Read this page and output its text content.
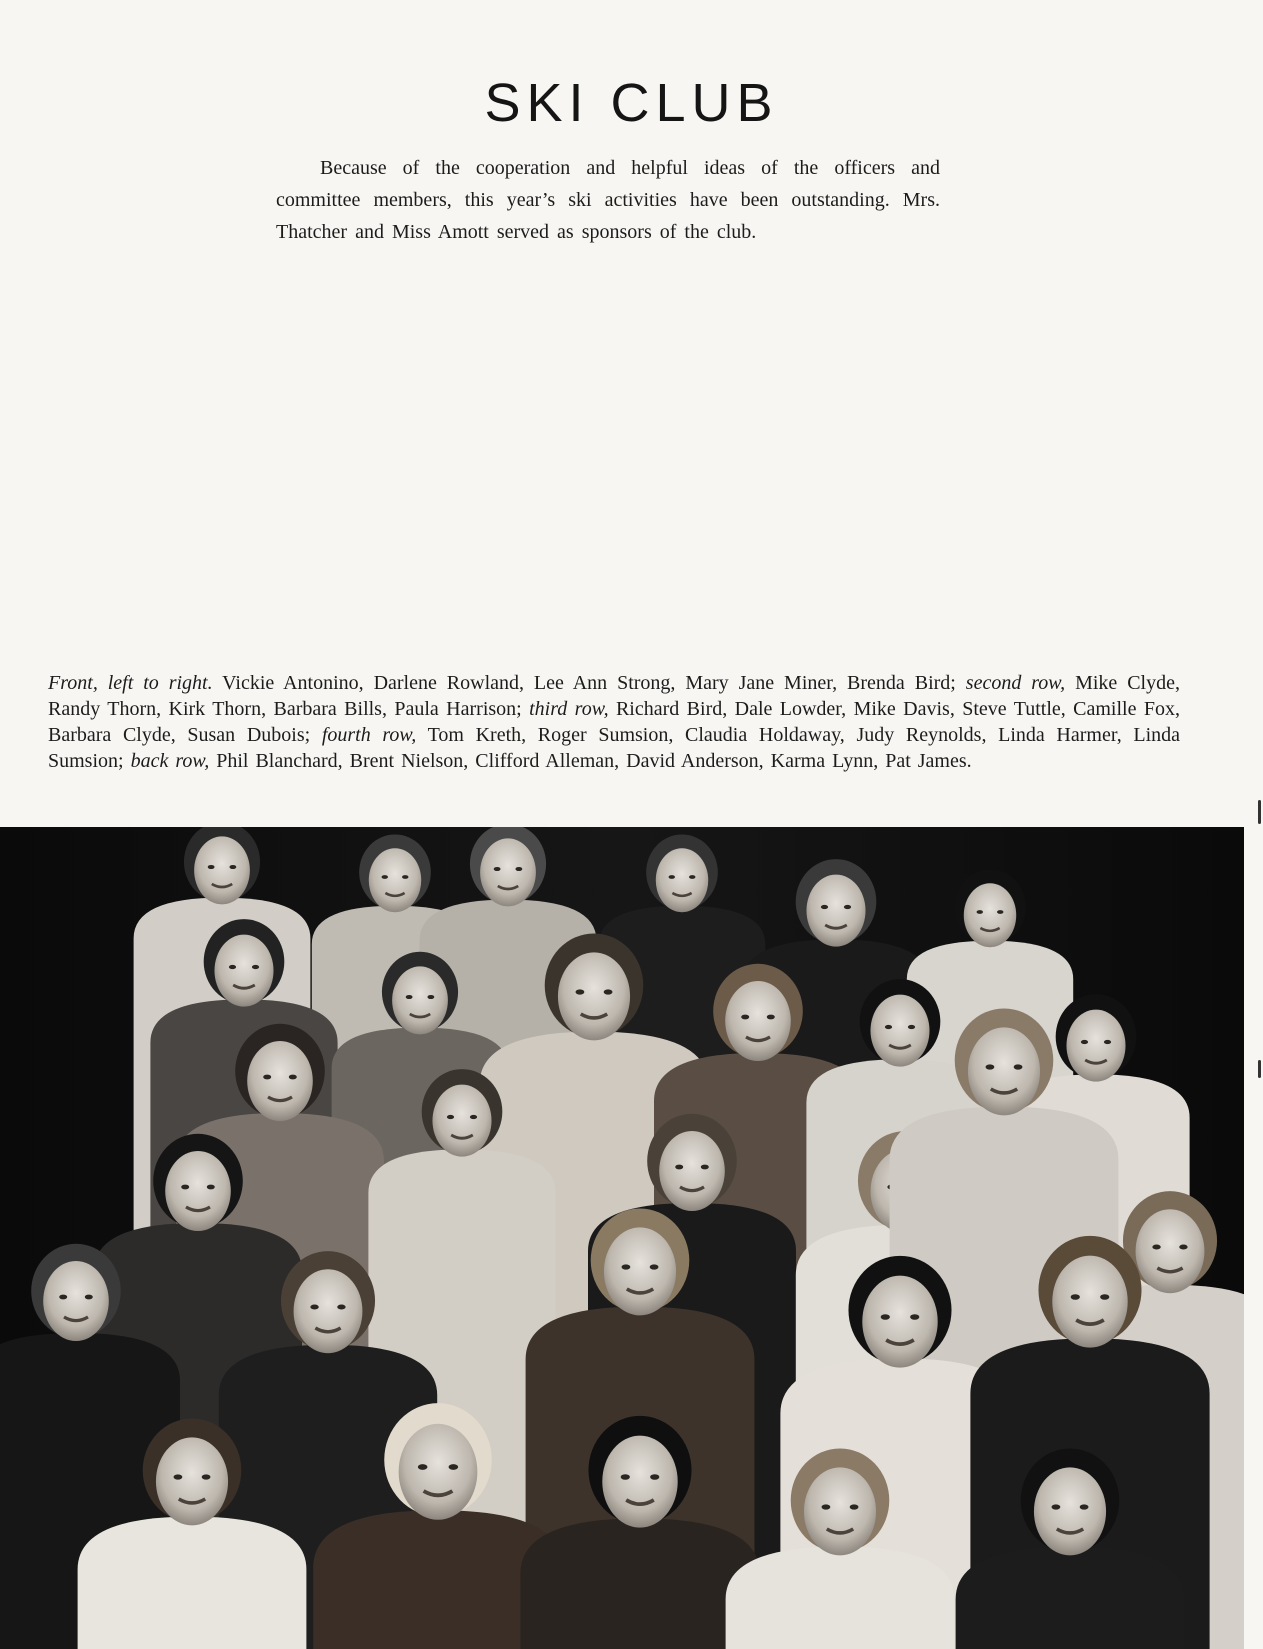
SKI CLUB

Because of the cooperation and helpful ideas of the officers and committee members, this year’s ski activities have been outstanding. Mrs. Thatcher and Miss Amott served as sponsors of the club.

Front, left to right. Vickie Antonino, Darlene Rowland, Lee Ann Strong, Mary Jane Miner, Brenda Bird; second row, Mike Clyde, Randy Thorn, Kirk Thorn, Barbara Bills, Paula Harrison; third row, Richard Bird, Dale Lowder, Mike Davis, Steve Tuttle, Camille Fox, Barbara Clyde, Susan Dubois; fourth row, Tom Kreth, Roger Sumsion, Claudia Holdaway, Judy Reynolds, Linda Harmer, Linda Sumsion; back row, Phil Blanchard, Brent Nielson, Clifford Alleman, David Anderson, Karma Lynn, Pat James.
